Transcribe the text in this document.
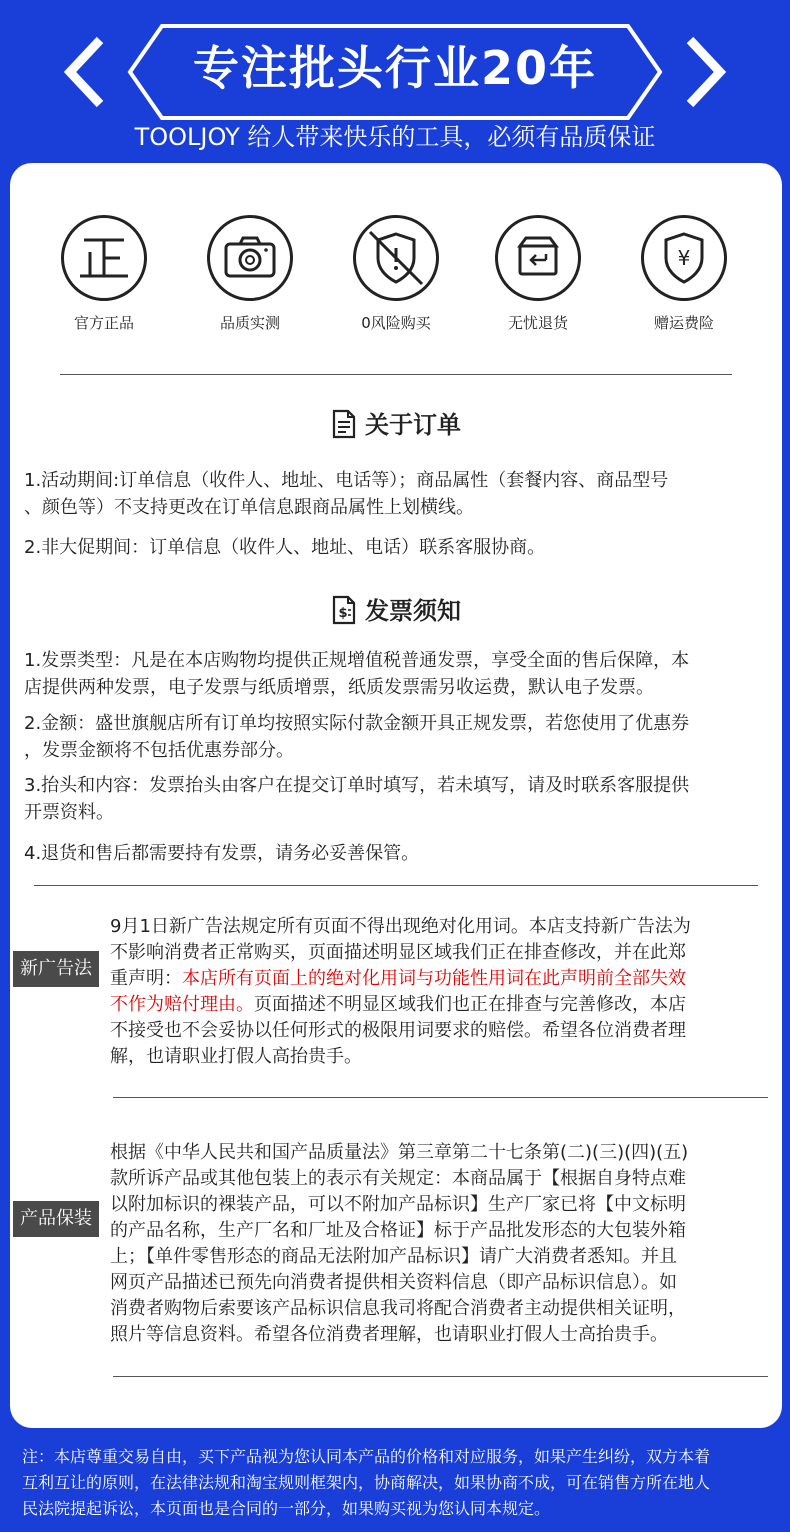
专注批头行业20年
TOOLJOY 给人带来快乐的工具，必须有品质保证
官方正品	品质实测	0风险购买	无忧退货
¥
赠运费险
关于订单
1.活动期间:订单信息（收件人、地址、电话等）；商品属性（套餐内容、商品型号
、颜色等）不支持更改在订单信息跟商品属性上划横线。
2.非大促期间：订单信息（收件人、地址、电话）联系客服协商。
$ 发票须知
1.发票类型：凡是在本店购物均提供正规增值税普通发票，享受全面的售后保障，本
店提供两种发票，电子发票与纸质增票，纸质发票需另收运费，默认电子发票。
2.金额：盛世旗舰店所有订单均按照实际付款金额开具正规发票，若您使用了优惠券
，发票金额将不包括优惠券部分。
3.抬头和内容：发票抬头由客户在提交订单时填写，若未填写，请及时联系客服提供
开票资料。
4.退货和售后都需要持有发票，请务必妥善保管。
新广告法
9月1日新广告法规定所有页面不得出现绝对化用词。本店支持新广告法为
不影响消费者正常购买，页面描述明显区域我们正在排查修改，并在此郑
重声明：本店所有页面上的绝对化用词与功能性用词在此声明前全部失效
不作为赔付理由。页面描述不明显区域我们也正在排查与完善修改，本店
不接受也不会妥协以任何形式的极限用词要求的赔偿。希望各位消费者理
解，也请职业打假人高抬贵手。
产品保装
根据《中华人民共和国产品质量法》第三章第二十七条第(二)(三)(四)(五)
款所诉产品或其他包装上的表示有关规定：本商品属于【根据自身特点难
以附加标识的裸装产品，可以不附加产品标识】生产厂家已将【中文标明
的产品名称，生产厂名和厂址及合格证】标于产品批发形态的大包装外箱
上；【单件零售形态的商品无法附加产品标识】请广大消费者悉知。并且
网页产品描述已预先向消费者提供相关资料信息（即产品标识信息）。如
消费者购物后索要该产品标识信息我司将配合消费者主动提供相关证明，
照片等信息资料。希望各位消费者理解，也请职业打假人士高抬贵手。
注：本店尊重交易自由，买下产品视为您认同本产品的价格和对应服务，如果产生纠纷，双方本着
互利互让的原则，在法律法规和淘宝规则框架内，协商解决，如果协商不成，可在销售方所在地人
民法院提起诉讼，本页面也是合同的一部分，如果购买视为您认同本规定。
